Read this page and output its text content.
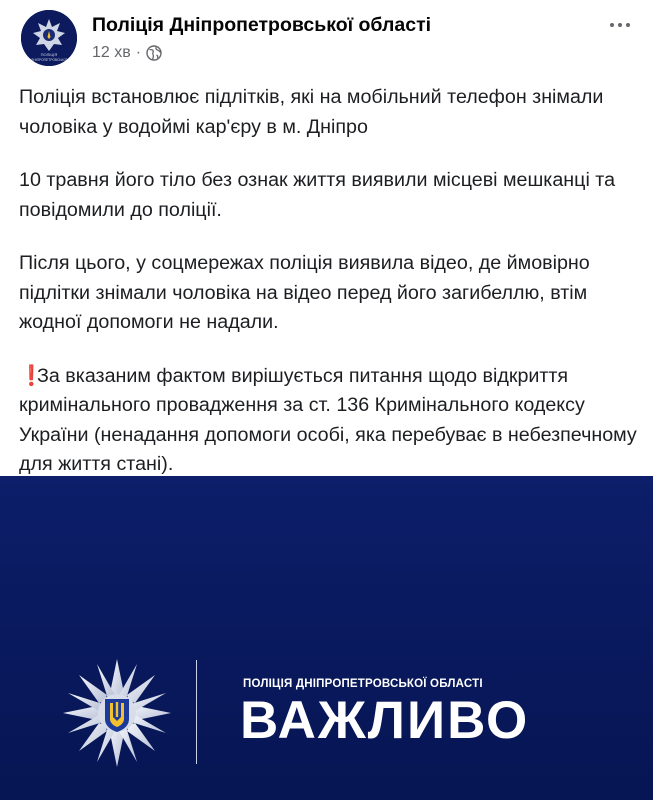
ПОЛІЦІЯ
ДНІПРОПЕТРОВСЬКОЇ
Поліція Дніпропетровської області
12 хв ·

Поліція встановлює підлітків, які на мобільний телефон знімали чоловіка у водоймі кар'єру в м. Дніпро

10 травня його тіло без ознак життя виявили місцеві мешканці та повідомили до поліції.

Після цього, у соцмережах поліція виявила відео, де ймовірно підлітки знімали чоловіка на відео перед його загибеллю, втім жодної допомоги не надали.

❗За вказаним фактом вирішується питання щодо відкриття кримінального провадження за ст. 136 Кримінального кодексу України (ненадання допомоги особі, яка перебуває в небезпечному для життя стані).

ПОЛІЦІЯ ДНІПРОПЕТРОВСЬКОЇ ОБЛАСТІ
ВАЖЛИВО
